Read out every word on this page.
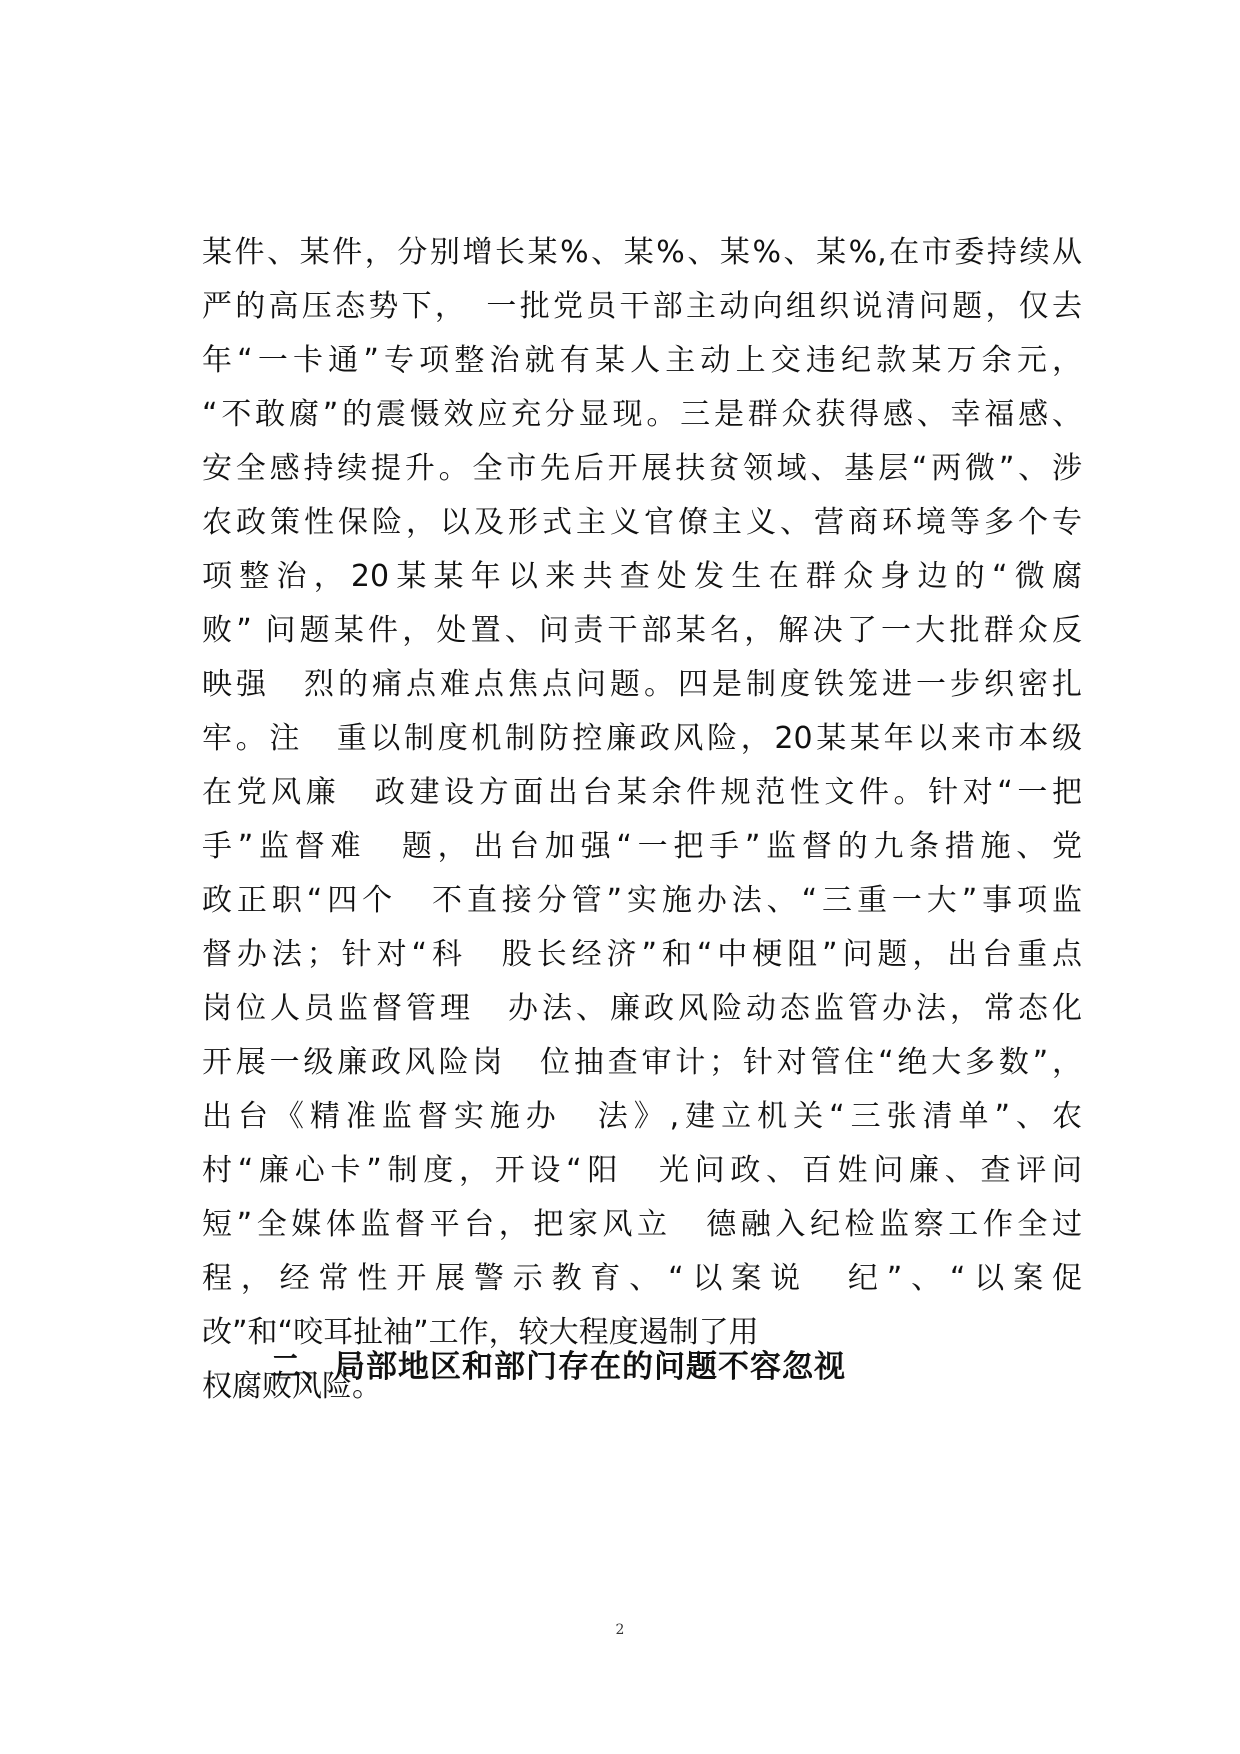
某件、某件，分别增长某%、某%、某%、某%,在市委持续从
严的高压态势下，　一批党员干部主动向组织说清问题，仅去
年“一卡通”专项整治就有某人主动上交违纪款某万余元，
“不敢腐”的震慑效应充分显现。三是群众获得感、幸福感、
安全感持续提升。全市先后开展扶贫领域、基层“两微”、涉
农政策性保险，以及形式主义官僚主义、营商环境等多个专
项整治，20某某年以来共查处发生在群众身边的“微腐
败” 问题某件，处置、问责干部某名，解决了一大批群众反
映强　烈的痛点难点焦点问题。四是制度铁笼进一步织密扎
牢。注　重以制度机制防控廉政风险，20某某年以来市本级
在党风廉　政建设方面出台某余件规范性文件。针对“一把
手”监督难　题，出台加强“一把手”监督的九条措施、党
政正职“四个　不直接分管”实施办法、“三重一大”事项监
督办法；针对“科　股长经济”和“中梗阻”问题，出台重点
岗位人员监督管理　办法、廉政风险动态监管办法，常态化
开展一级廉政风险岗　位抽查审计；针对管住“绝大多数”，
出台《精准监督实施办　法》,建立机关“三张清单”、农
村“廉心卡”制度，开设“阳　光问政、百姓问廉、查评问
短”全媒体监督平台，把家风立　德融入纪检监察工作全过
程，经常性开展警示教育、“以案说　纪”、“以案促
改”和“咬耳扯袖”工作，较大程度遏制了用
权腐败风险。
二、局部地区和部门存在的问题不容忽视
2
